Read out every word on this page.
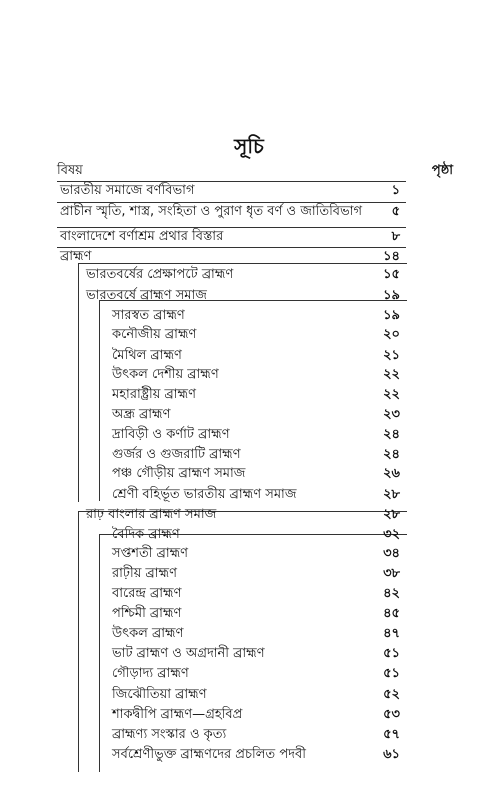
সূচি
বিষয়	পৃষ্ঠা
ভারতীয় সমাজে বর্ণবিভাগ	১
প্রাচীন স্মৃতি, শাস্ত্র, সংহিতা ও পুরাণ ধৃত বর্ণ ও জাতিবিভাগ	৫
বাংলাদেশে বর্ণাশ্রম প্রথার বিস্তার	৮
ব্রাহ্মণ	১৪
ভারতবর্ষের প্রেক্ষাপটে ব্রাহ্মণ	১৫
ভারতবর্ষে ব্রাহ্মণ সমাজ	১৯
সারস্বত ব্রাহ্মণ	১৯
কনৌজীয় ব্রাহ্মণ	২০
মৈথিল ব্রাহ্মণ	২১
উৎকল দেশীয় ব্রাহ্মণ	২২
মহারাষ্ট্রীয় ব্রাহ্মণ	২২
অন্ধ্র ব্রাহ্মণ	২৩
দ্রাবিড়ী ও কর্ণাট ব্রাহ্মণ	২৪
গুর্জর ও গুজরাটি ব্রাহ্মণ	২৪
পঞ্চ গৌড়ীয় ব্রাহ্মণ সমাজ	২৬
শ্রেণী বহির্ভূত ভারতীয় ব্রাহ্মণ সমাজ	২৮
রাঢ় বাংলার ব্রাহ্মণ সমাজ	২৮
বৈদিক ব্রাহ্মণ	৩২
সপ্তশতী ব্রাহ্মণ	৩৪
রাঢ়ীয় ব্রাহ্মণ	৩৮
বারেন্দ্র ব্রাহ্মণ	৪২
পশ্চিমী ব্রাহ্মণ	৪৫
উৎকল ব্রাহ্মণ	৪৭
ভাট ব্রাহ্মণ ও অগ্রদানী ব্রাহ্মণ	৫১
গৌড়াদ্য ব্রাহ্মণ	৫১
জিঝৌতিয়া ব্রাহ্মণ	৫২
শাকদ্বীপি ব্রাহ্মণ—গ্রহবিপ্র	৫৩
ব্রাহ্মণ্য সংস্কার ও কৃত্য	৫৭
সর্বশ্রেণীভুক্ত ব্রাহ্মণদের প্রচলিত পদবী	৬১
